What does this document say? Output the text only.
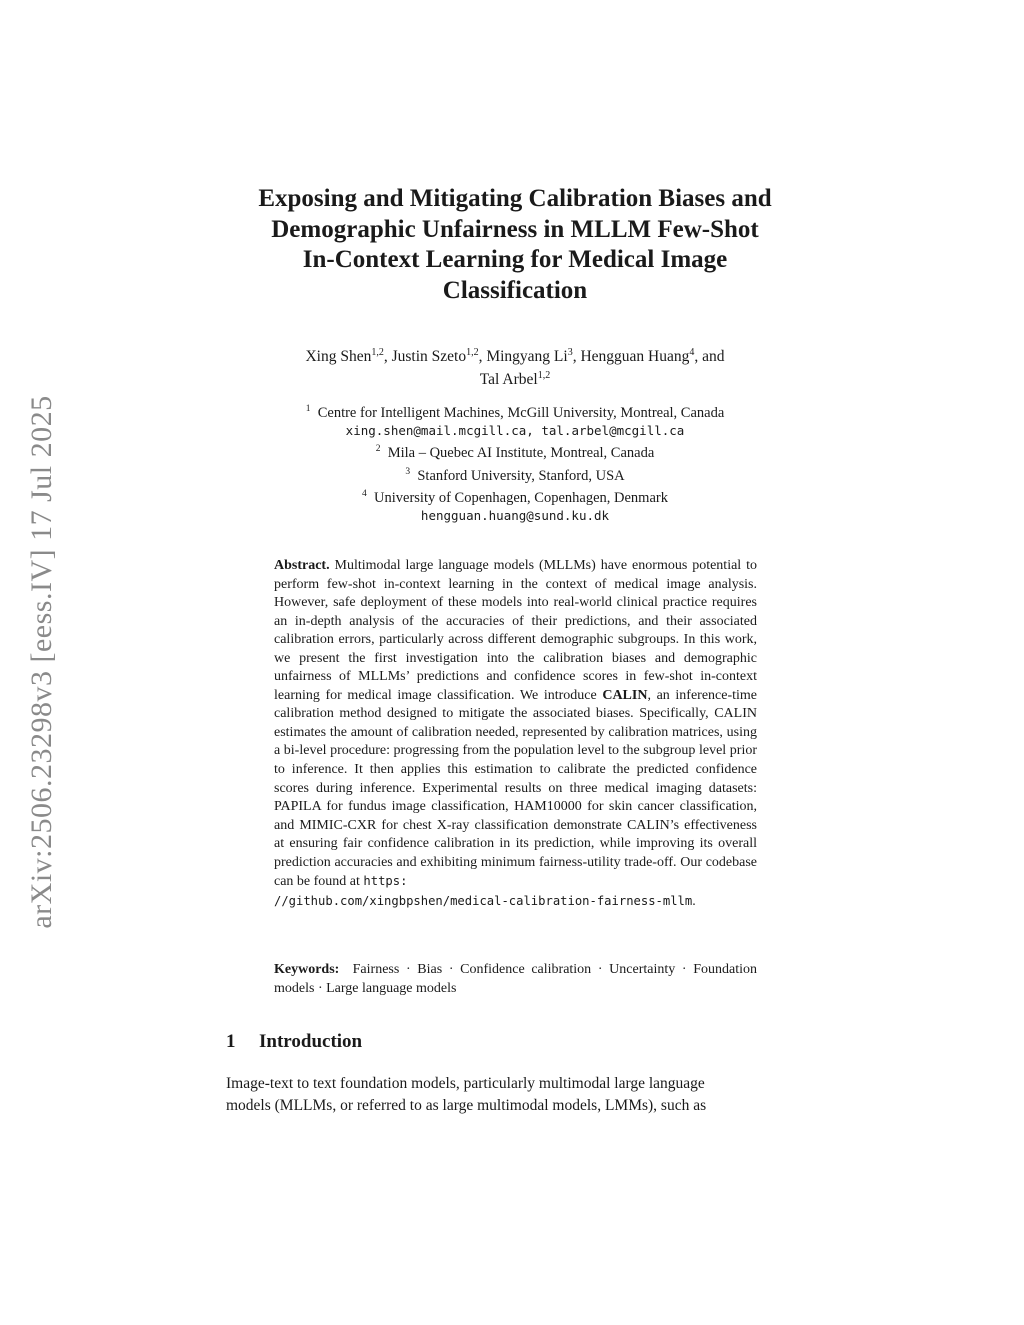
arXiv:2506.23298v3 [eess.IV] 17 Jul 2025
Exposing and Mitigating Calibration Biases and
Demographic Unfairness in MLLM Few-Shot
In-Context Learning for Medical Image
Classification
Xing Shen$^{1,2}$, Justin Szeto$^{1,2}$, Mingyang Li$^3$, Hengguan Huang$^4$, and
Tal Arbel$^{1,2}$
$^1$ Centre for Intelligent Machines, McGill University, Montreal, Canada
xing.shen@mail.mcgill.ca, tal.arbel@mcgill.ca
$^2$ Mila – Quebec AI Institute, Montreal, Canada
$^3$ Stanford University, Stanford, USA
$^4$ University of Copenhagen, Copenhagen, Denmark
hengguan.huang@sund.ku.dk
Abstract. Multimodal large language models (MLLMs) have enormous potential to perform few-shot in-context learning in the context of medical image analysis. However, safe deployment of these models into real-world clinical practice requires an in-depth analysis of the accuracies of their predictions, and their associated calibration errors, particularly across different demographic subgroups. In this work, we present the first investigation into the calibration biases and demographic unfairness of MLLMs’ predictions and confidence scores in few-shot in-context learning for medical image classification. We introduce CALIN, an inference-time calibration method designed to mitigate the associated biases. Specifically, CALIN estimates the amount of calibration needed, represented by calibration matrices, using a bi-level procedure: progressing from the population level to the subgroup level prior to inference. It then applies this estimation to calibrate the predicted confidence scores during inference. Experimental results on three medical imaging datasets: PAPILA for fundus image classification, HAM10000 for skin cancer classification, and MIMIC-CXR for chest X-ray classification demonstrate CALIN’s effectiveness at ensuring fair confidence calibration in its prediction, while improving its overall prediction accuracies and exhibiting minimum fairness-utility trade-off. Our codebase can be found at https:
//github.com/xingbpshen/medical-calibration-fairness-mllm.
Keywords: Fairness · Bias · Confidence calibration · Uncertainty · Foundation models · Large language models
1 Introduction
Image-text to text foundation models, particularly multimodal large language
models (MLLMs, or referred to as large multimodal models, LMMs), such as
